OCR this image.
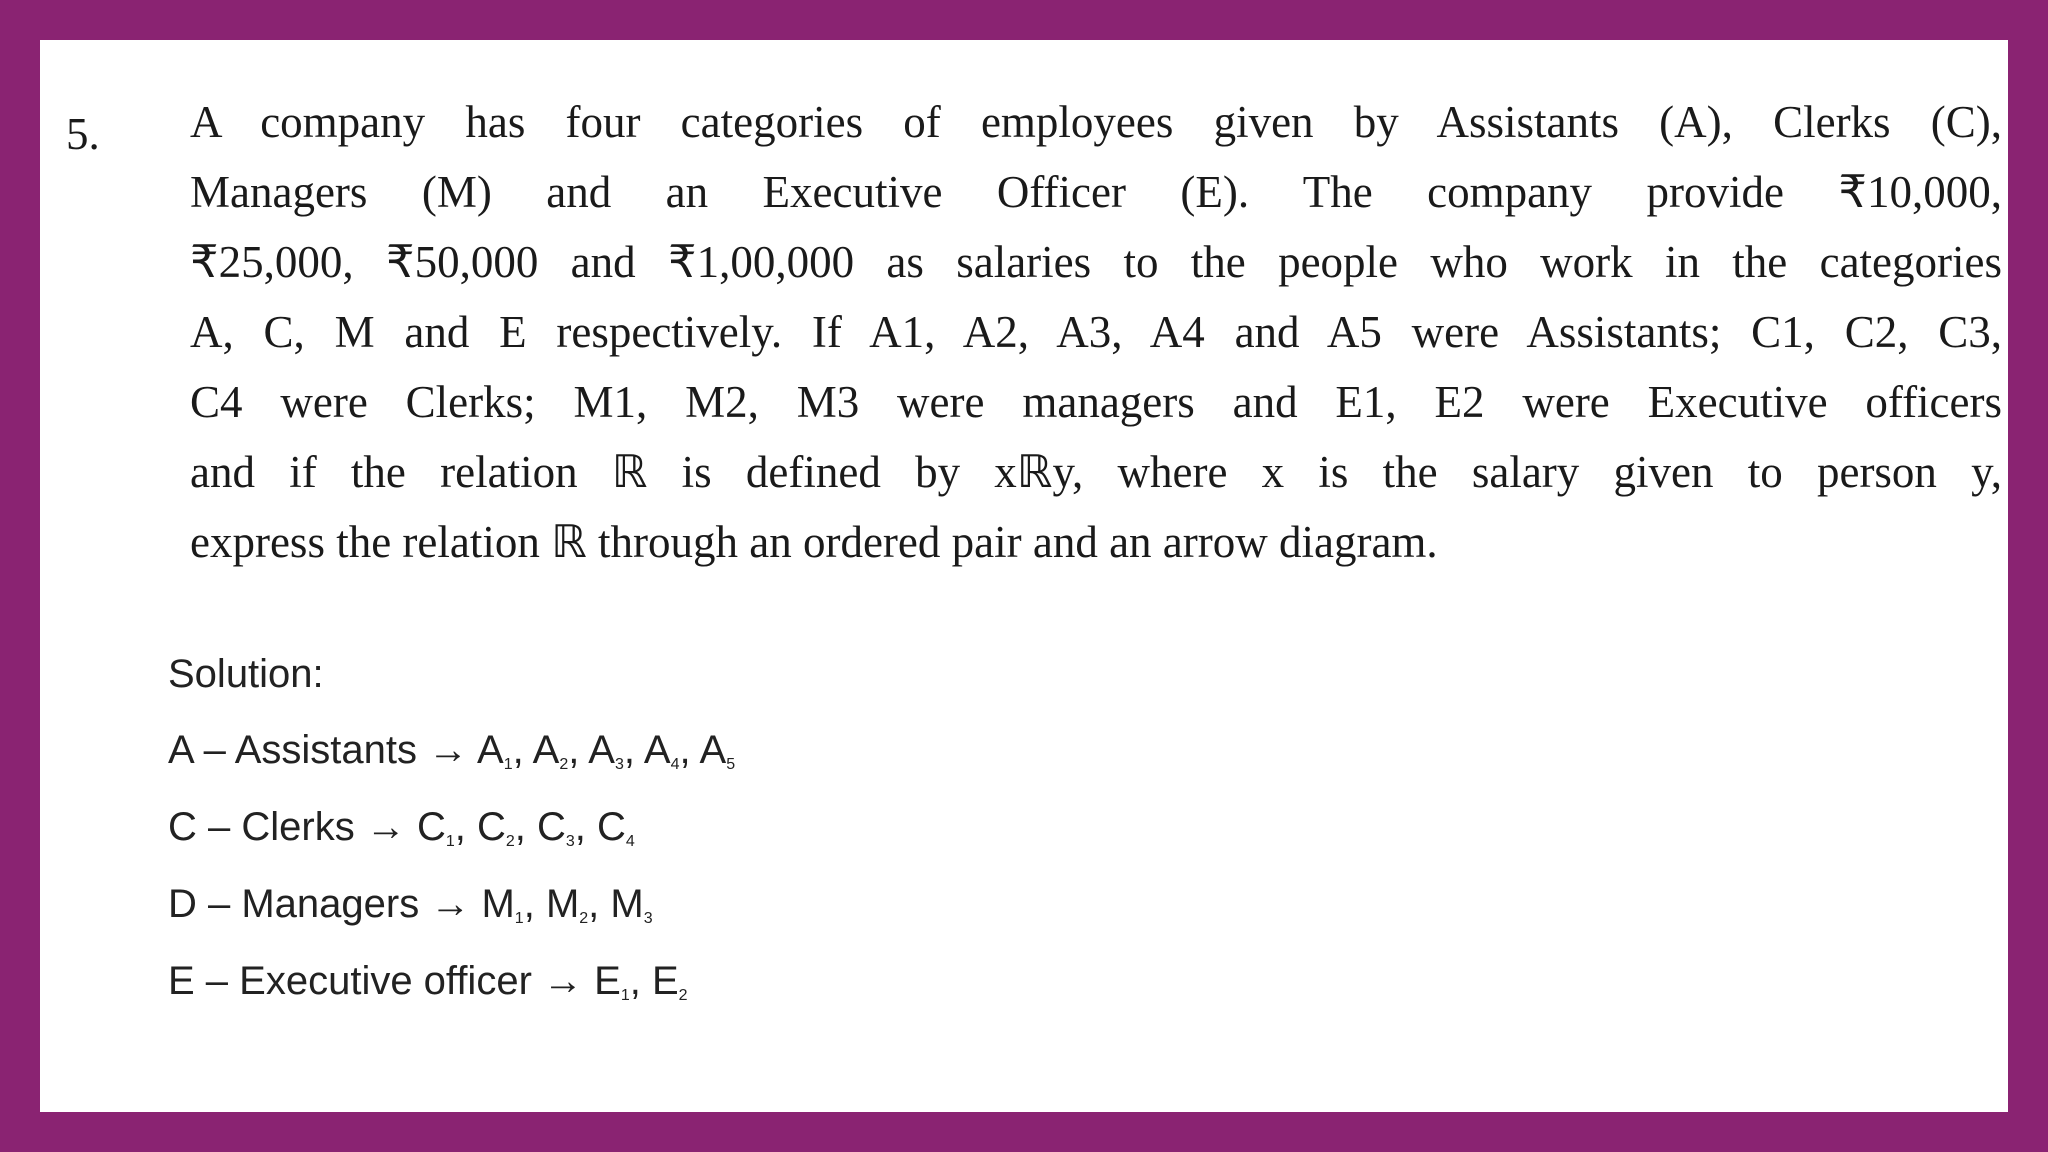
5. A company has four categories of employees given by Assistants (A), Clerks (C),
Managers (M) and an Executive Officer (E). The company provide ₹10,000,
₹25,000, ₹50,000 and ₹1,00,000 as salaries to the people who work in the categories
A, C, M and E respectively. If A1, A2, A3, A4 and A5 were Assistants; C1, C2, C3,
C4 were Clerks; M1, M2, M3 were managers and E1, E2 were Executive officers
and if the relation ℝ is defined by xℝy, where x is the salary given to person y,
express the relation ℝ through an ordered pair and an arrow diagram.
Solution:
A – Assistants → $A_1$, $A_2$, $A_3$, $A_4$, $A_5$
C – Clerks → $C_1$, $C_2$, $C_3$, $C_4$
D – Managers → $M_1$, $M_2$, $M_3$
E – Executive officer → $E_1$, $E_2$
